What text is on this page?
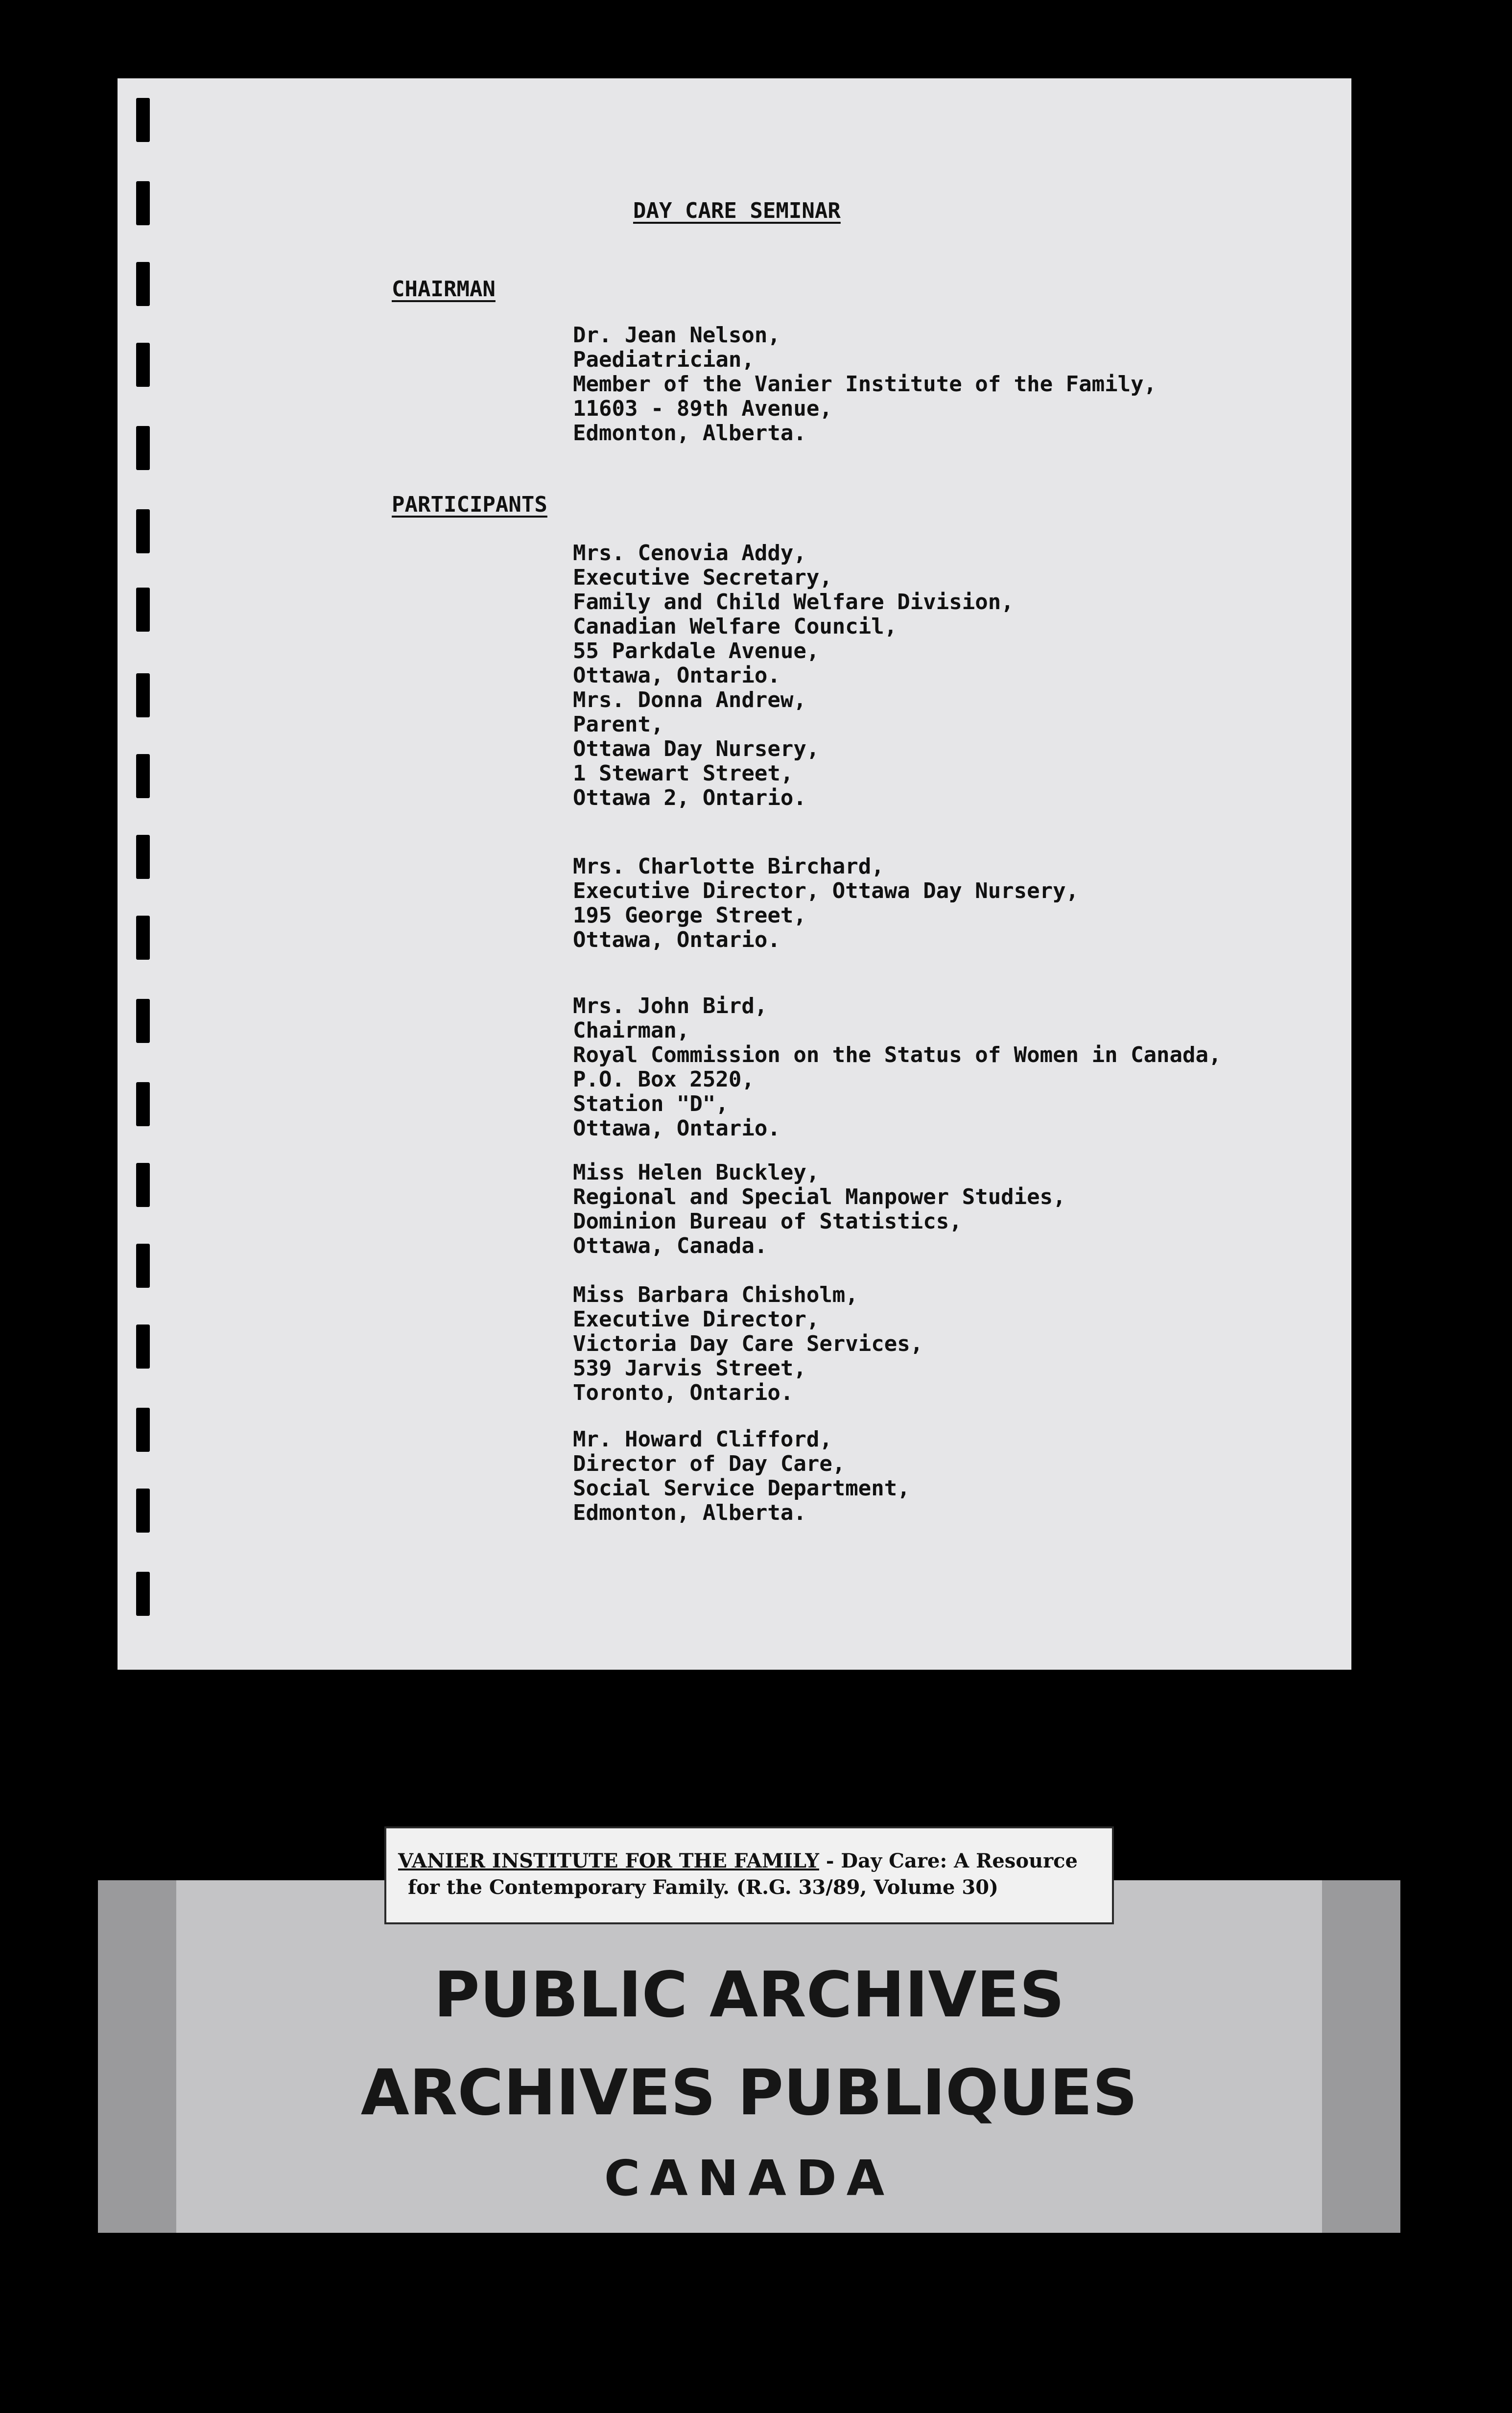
DAY CARE SEMINAR
CHAIRMAN
Dr. Jean Nelson,
Paediatrician,
Member of the Vanier Institute of the Family,
11603 - 89th Avenue,
Edmonton, Alberta.
PARTICIPANTS
Mrs. Cenovia Addy,
Executive Secretary,
Family and Child Welfare Division,
Canadian Welfare Council,
55 Parkdale Avenue,
Ottawa, Ontario.
Mrs. Donna Andrew,
Parent,
Ottawa Day Nursery,
1 Stewart Street,
Ottawa 2, Ontario.
Mrs. Charlotte Birchard,
Executive Director, Ottawa Day Nursery,
195 George Street,
Ottawa, Ontario.
Mrs. John Bird,
Chairman,
Royal Commission on the Status of Women in Canada,
P.O. Box 2520,
Station "D",
Ottawa, Ontario.
Miss Helen Buckley,
Regional and Special Manpower Studies,
Dominion Bureau of Statistics,
Ottawa, Canada.
Miss Barbara Chisholm,
Executive Director,
Victoria Day Care Services,
539 Jarvis Street,
Toronto, Ontario.
Mr. Howard Clifford,
Director of Day Care,
Social Service Department,
Edmonton, Alberta.
PUBLIC ARCHIVES
ARCHIVES PUBLIQUES
CANADA
VANIER INSTITUTE FOR THE FAMILY - Day Care: A Resource
for the Contemporary Family. (R.G. 33/89, Volume 30)
